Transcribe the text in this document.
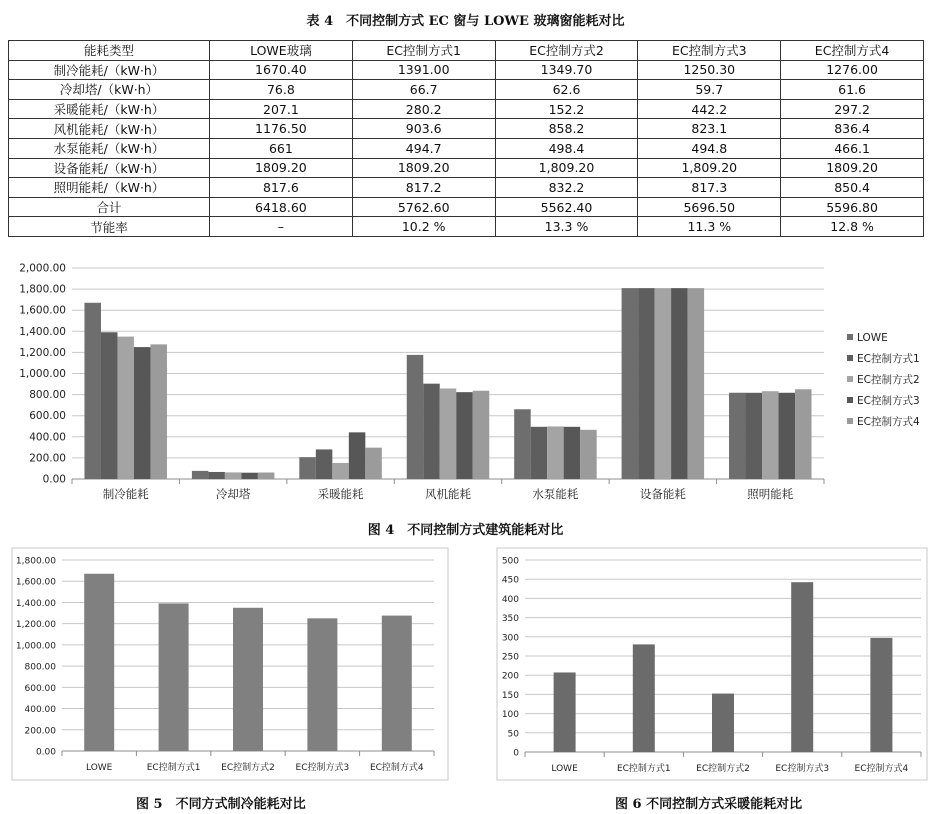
表 4　不同控制方式 EC 窗与 LOWE 玻璃窗能耗对比
能耗类型	LOWE玻璃	EC控制方式1	EC控制方式2	EC控制方式3	EC控制方式4
制冷能耗/（kW·h）	1670.40	1391.00	1349.70	1250.30	1276.00
冷却塔/（kW·h）	76.8	66.7	62.6	59.7	61.6
采暖能耗/（kW·h）	207.1	280.2	152.2	442.2	297.2
风机能耗/（kW·h）	1176.50	903.6	858.2	823.1	836.4
水泵能耗/（kW·h）	661	494.7	498.4	494.8	466.1
设备能耗/（kW·h）	1809.20	1809.20	1,809.20	1,809.20	1809.20
照明能耗/（kW·h）	817.6	817.2	832.2	817.3	850.4
合计	6418.60	5762.60	5562.40	5696.50	5596.80
节能率	–	10.2 %	13.3 %	11.3 %	12.8 %
0.00
200.00
400.00
600.00
800.00
1,000.00
1,200.00
1,400.00
1,600.00
1,800.00
2,000.00
制冷能耗	冷却塔	采暖能耗	风机能耗	水泵能耗	设备能耗	照明能耗
LOWE
EC控制方式1
EC控制方式2
EC控制方式3
EC控制方式4
0.00
200.00
400.00
600.00
800.00
1,000.00
1,200.00
1,400.00
1,600.00
1,800.00
LOWE	EC控制方式1 EC控制方式2 EC控制方式3 EC控制方式4
0
50
100
150
200
250
300
350
400
450
500
LOWE	EC控制方式1	EC控制方式2	EC控制方式3	EC控制方式4
图 4　不同控制方式建筑能耗对比
图 5　不同方式制冷能耗对比	图 6 不同控制方式采暖能耗对比
